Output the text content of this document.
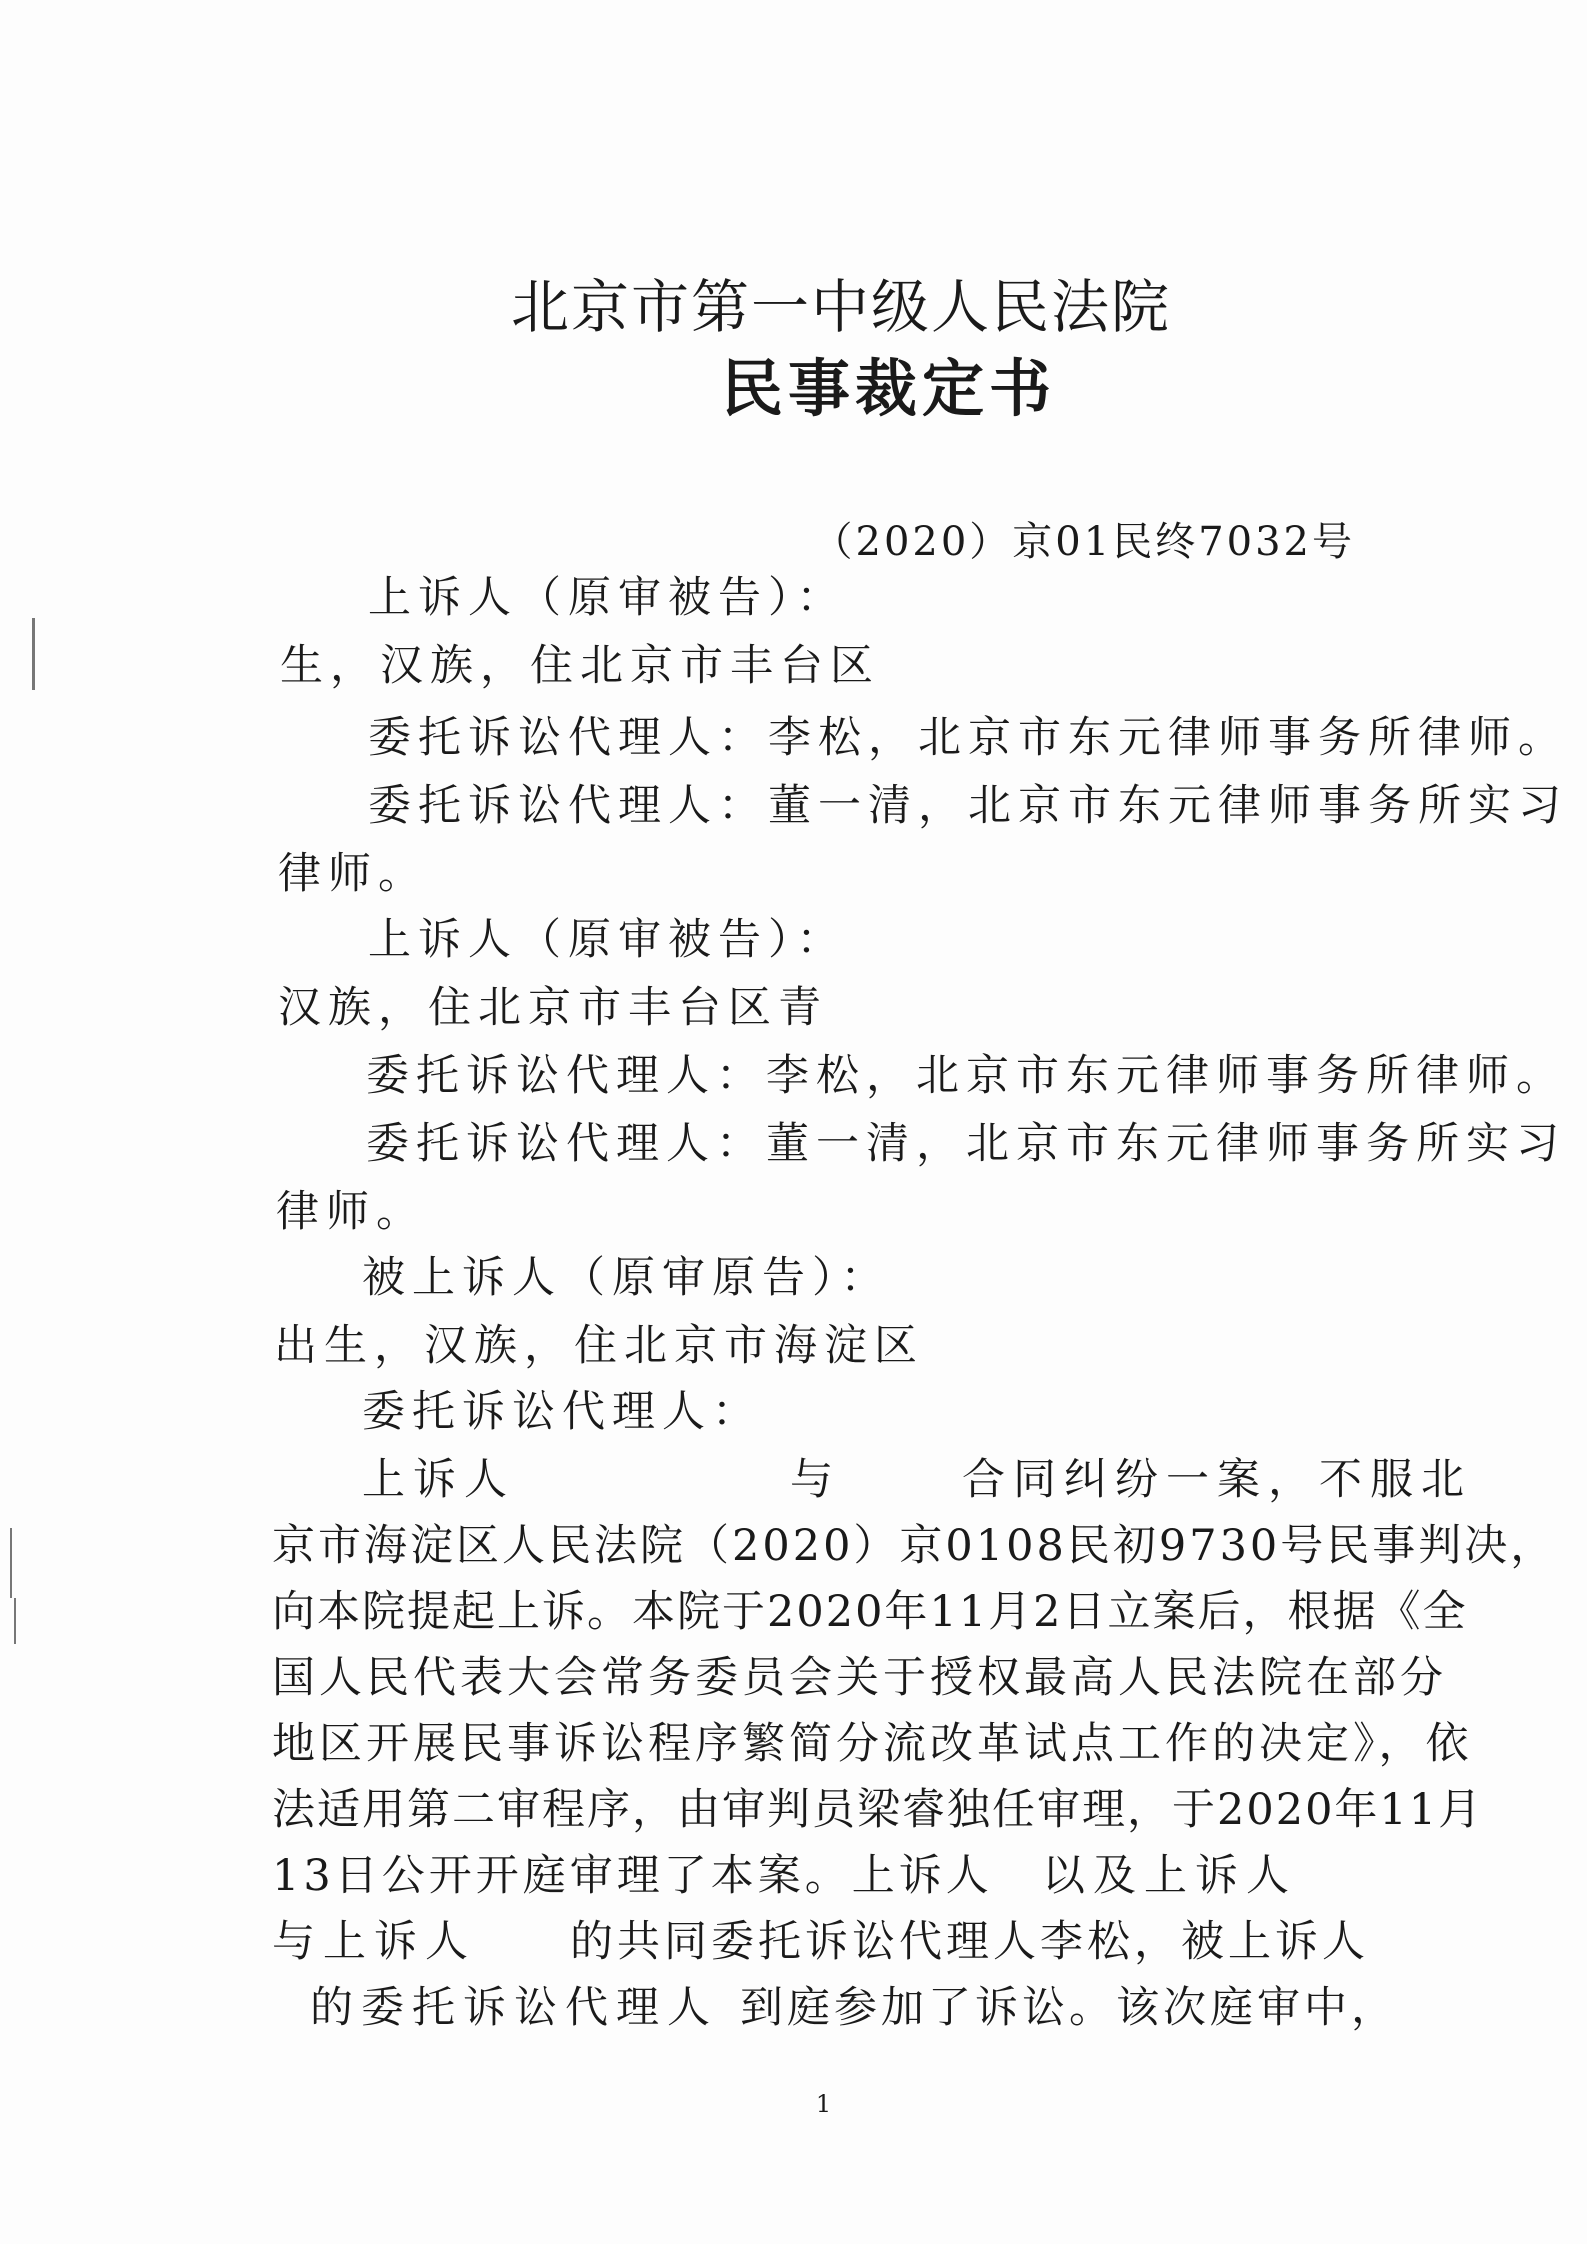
北京市第一中级人民法院
民事裁定书
（2020）京01民终7032号
上诉人（原审被告）：
生，汉族，住北京市丰台区
委托诉讼代理人：李松，北京市东元律师事务所律师。
委托诉讼代理人：董一清，北京市东元律师事务所实习
律师。
上诉人（原审被告）：
汉族，住北京市丰台区青
委托诉讼代理人：李松，北京市东元律师事务所律师。
委托诉讼代理人：董一清，北京市东元律师事务所实习
律师。
被上诉人（原审原告）：
出生，汉族，住北京市海淀区
委托诉讼代理人：
上诉人	与	合同纠纷一案，不服北
京市海淀区人民法院（2020）京0108民初9730号民事判决，
向本院提起上诉。本院于2020年11月2日立案后，根据《全
国人民代表大会常务委员会关于授权最高人民法院在部分
地区开展民事诉讼程序繁简分流改革试点工作的决定》，依
法适用第二审程序，由审判员梁睿独任审理，于2020年11月
13日公开开庭审理了本案。上诉人 以及上诉人
与上诉人 的共同委托诉讼代理人李松，被上诉人
的委托诉讼代理人 到庭参加了诉讼。该次庭审中，
1
